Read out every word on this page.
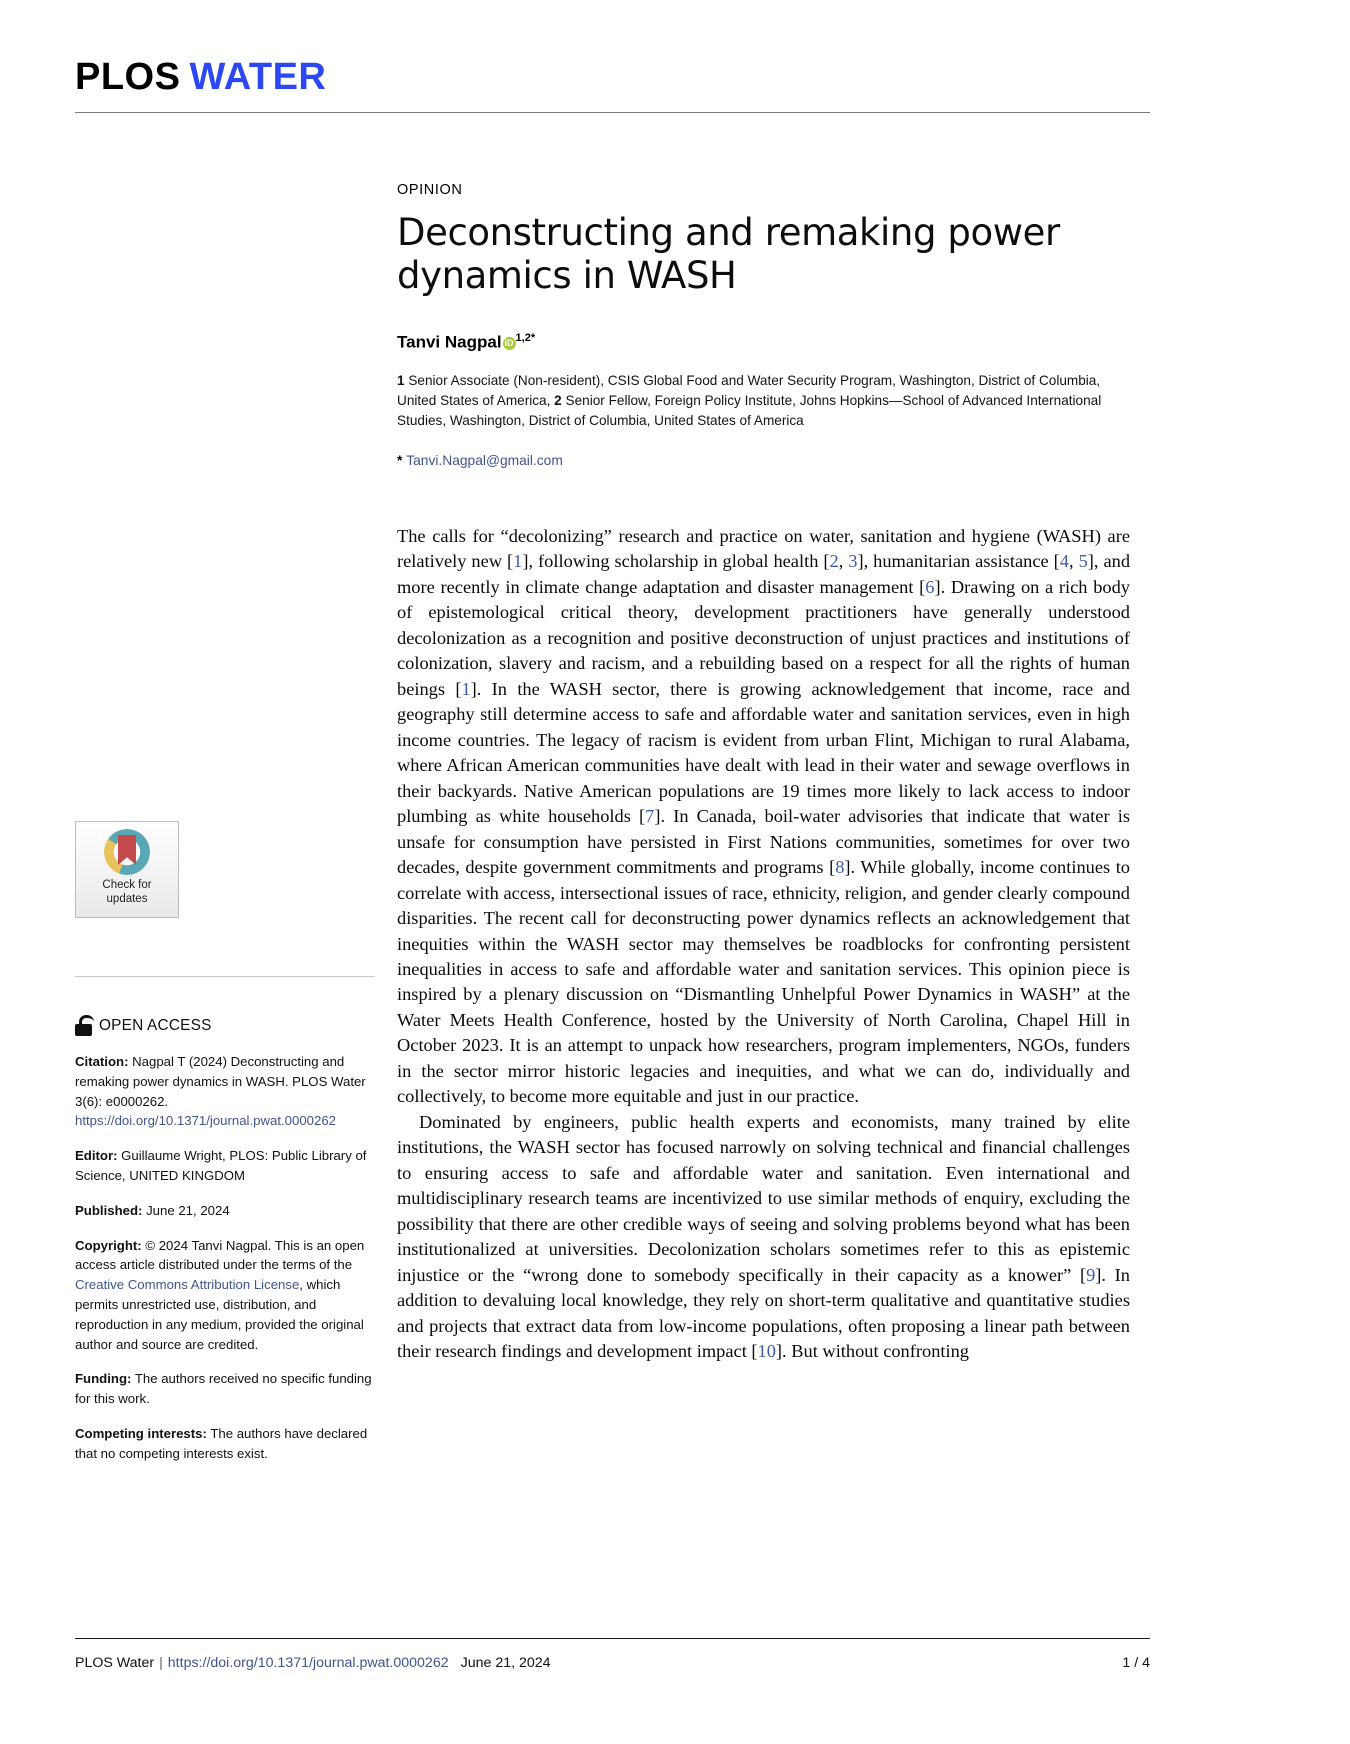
PLOS WATER
Check for
updates
OPEN ACCESS

Citation: Nagpal T (2024) Deconstructing and remaking power dynamics in WASH. PLOS Water 3(6): e0000262. https://doi.org/10.1371/journal.pwat.0000262

Editor: Guillaume Wright, PLOS: Public Library of Science, UNITED KINGDOM

Published: June 21, 2024

Copyright: © 2024 Tanvi Nagpal. This is an open access article distributed under the terms of the Creative Commons Attribution License, which permits unrestricted use, distribution, and reproduction in any medium, provided the original author and source are credited.

Funding: The authors received no specific funding for this work.

Competing interests: The authors have declared that no competing interests exist.

OPINION
Deconstructing and remaking power dynamics in WASH
Tanvi Nagpal iD $^{1,2*}$

1 Senior Associate (Non-resident), CSIS Global Food and Water Security Program, Washington, District of Columbia, United States of America, 2 Senior Fellow, Foreign Policy Institute, Johns Hopkins—School of Advanced International Studies, Washington, District of Columbia, United States of America

* Tanvi.Nagpal@gmail.com

The calls for “decolonizing” research and practice on water, sanitation and hygiene (WASH) are relatively new [1], following scholarship in global health [2, 3], humanitarian assistance [4, 5], and more recently in climate change adaptation and disaster management [6]. Drawing on a rich body of epistemological critical theory, development practitioners have generally understood decolonization as a recognition and positive deconstruction of unjust practices and institutions of colonization, slavery and racism, and a rebuilding based on a respect for all the rights of human beings [1]. In the WASH sector, there is growing acknowledgement that income, race and geography still determine access to safe and affordable water and sanitation services, even in high income countries. The legacy of racism is evident from urban Flint, Michigan to rural Alabama, where African American communities have dealt with lead in their water and sewage overflows in their backyards. Native American populations are 19 times more likely to lack access to indoor plumbing as white households [7]. In Canada, boil-water advisories that indicate that water is unsafe for consumption have persisted in First Nations communities, sometimes for over two decades, despite government commitments and programs [8]. While globally, income continues to correlate with access, intersectional issues of race, ethnicity, religion, and gender clearly compound disparities. The recent call for deconstructing power dynamics reflects an acknowledgement that inequities within the WASH sector may themselves be roadblocks for confronting persistent inequalities in access to safe and affordable water and sanitation services. This opinion piece is inspired by a plenary discussion on “Dismantling Unhelpful Power Dynamics in WASH” at the Water Meets Health Conference, hosted by the University of North Carolina, Chapel Hill in October 2023. It is an attempt to unpack how researchers, program implementers, NGOs, funders in the sector mirror historic legacies and inequities, and what we can do, individually and collectively, to become more equitable and just in our practice.

Dominated by engineers, public health experts and economists, many trained by elite institutions, the WASH sector has focused narrowly on solving technical and financial challenges to ensuring access to safe and affordable water and sanitation. Even international and multidisciplinary research teams are incentivized to use similar methods of enquiry, excluding the possibility that there are other credible ways of seeing and solving problems beyond what has been institutionalized at universities. Decolonization scholars sometimes refer to this as epistemic injustice or the “wrong done to somebody specifically in their capacity as a knower” [9]. In addition to devaluing local knowledge, they rely on short-term qualitative and quantitative studies and projects that extract data from low-income populations, often proposing a linear path between their research findings and development impact [10]. But without confronting

PLOS Water | https://doi.org/10.1371/journal.pwat.0000262 June 21, 2024	1 / 4
